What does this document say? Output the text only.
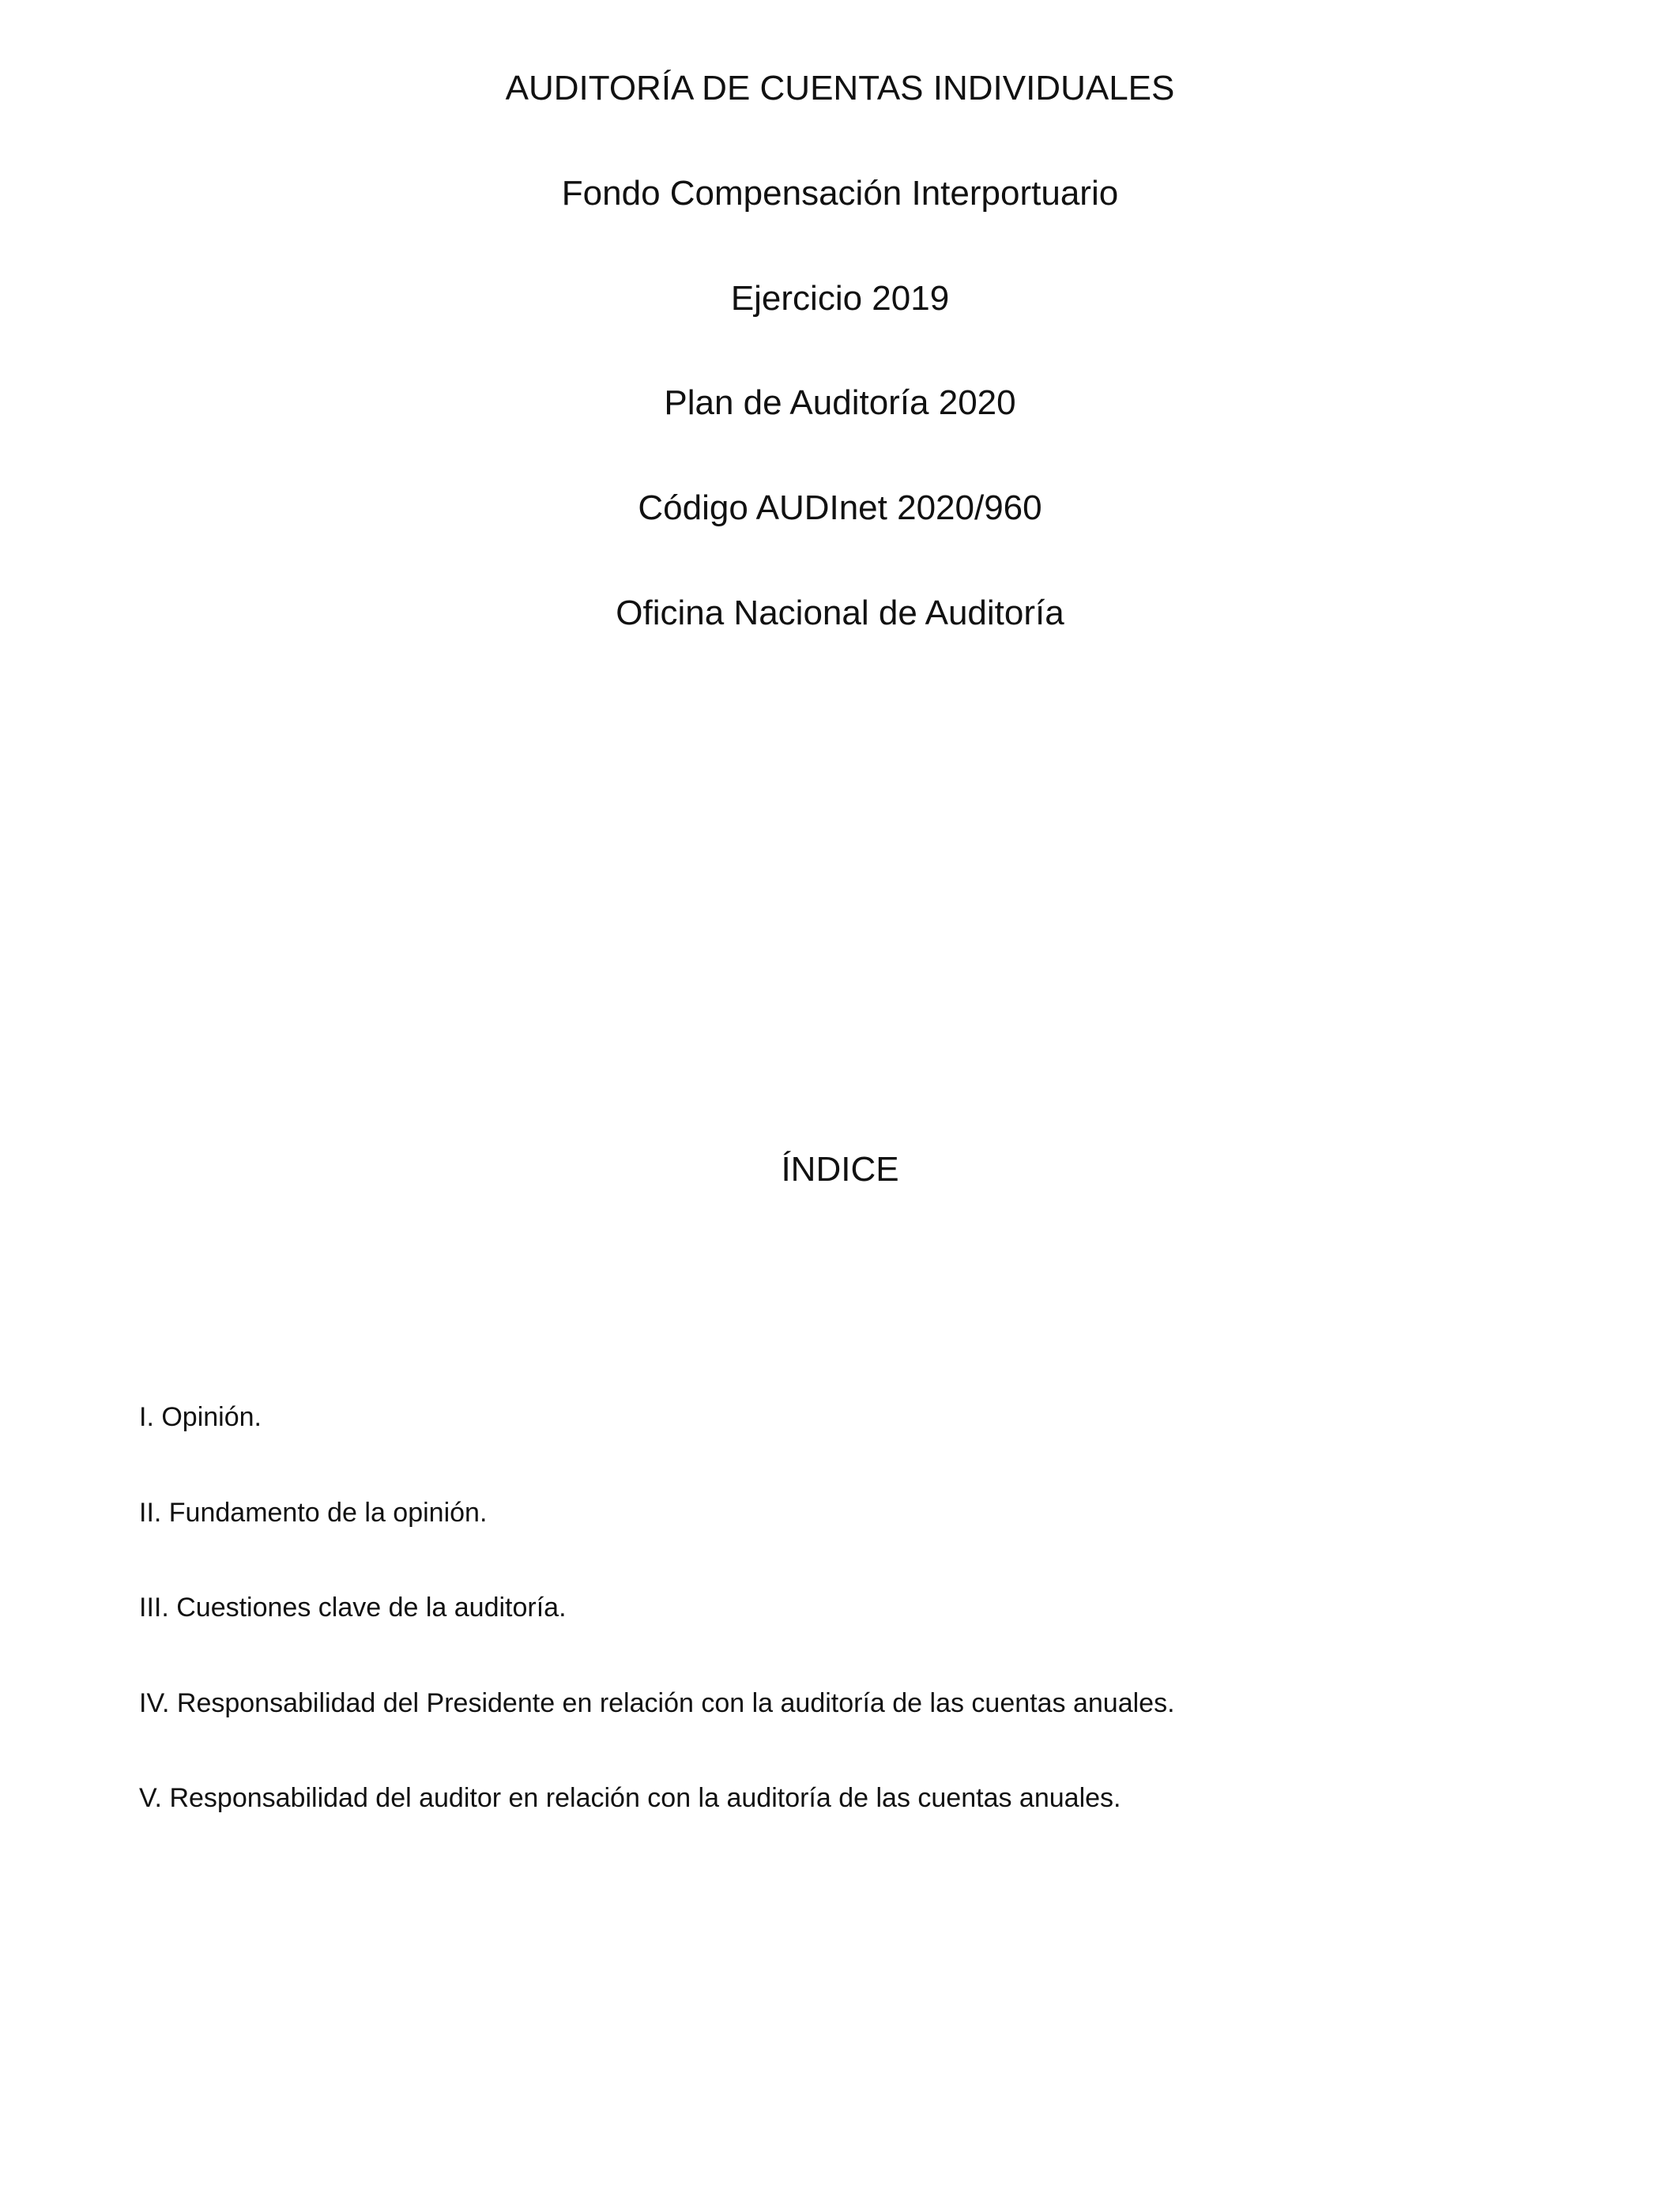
AUDITORÍA DE CUENTAS INDIVIDUALES
Fondo Compensación Interportuario
Ejercicio 2019
Plan de Auditoría 2020
Código AUDInet 2020/960
Oficina Nacional de Auditoría
ÍNDICE
I. Opinión.
II. Fundamento de la opinión.
III. Cuestiones clave de la auditoría.
IV. Responsabilidad del Presidente en relación con la auditoría de las cuentas anuales.
V. Responsabilidad del auditor en relación con la auditoría de las cuentas anuales.
